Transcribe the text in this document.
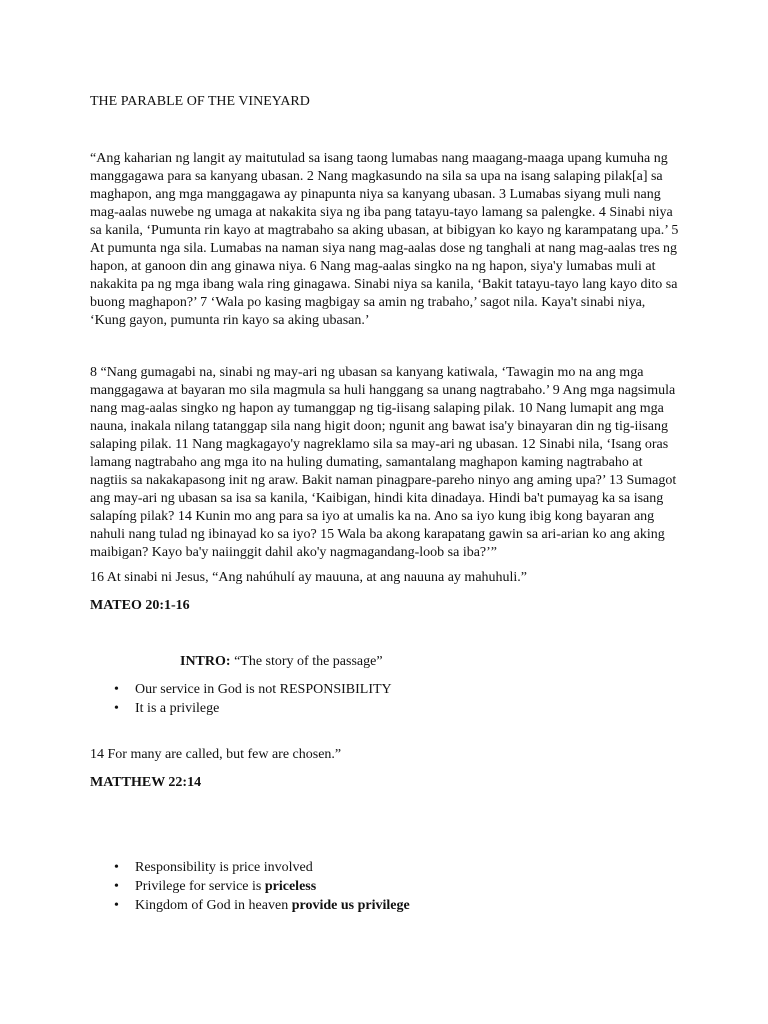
THE PARABLE OF THE VINEYARD

“Ang kaharian ng langit ay maitutulad sa isang taong lumabas nang maagang-maaga upang kumuha ng manggagawa para sa kanyang ubasan. 2 Nang magkasundo na sila sa upa na isang salaping pilak[a] sa maghapon, ang mga manggagawa ay pinapunta niya sa kanyang ubasan. 3 Lumabas siyang muli nang mag-aalas nuwebe ng umaga at nakakita siya ng iba pang tatayu-tayo lamang sa palengke. 4 Sinabi niya sa kanila, ‘Pumunta rin kayo at magtrabaho sa aking ubasan, at bibigyan ko kayo ng karampatang upa.’ 5 At pumunta nga sila. Lumabas na naman siya nang mag-aalas dose ng tanghali at nang mag-aalas tres ng hapon, at ganoon din ang ginawa niya. 6 Nang mag-aalas singko na ng hapon, siya'y lumabas muli at nakakita pa ng mga ibang wala ring ginagawa. Sinabi niya sa kanila, ‘Bakit tatayu-tayo lang kayo dito sa buong maghapon?’ 7 ‘Wala po kasing magbigay sa amin ng trabaho,’ sagot nila. Kaya't sinabi niya, ‘Kung gayon, pumunta rin kayo sa aking ubasan.’

8 “Nang gumagabi na, sinabi ng may-ari ng ubasan sa kanyang katiwala, ‘Tawagin mo na ang mga manggagawa at bayaran mo sila magmula sa huli hanggang sa unang nagtrabaho.’ 9 Ang mga nagsimula nang mag-aalas singko ng hapon ay tumanggap ng tig-iisang salaping pilak. 10 Nang lumapit ang mga nauna, inakala nilang tatanggap sila nang higit doon; ngunit ang bawat isa'y binayaran din ng tig-iisang salaping pilak. 11 Nang magkagayo'y nagreklamo sila sa may-ari ng ubasan. 12 Sinabi nila, ‘Isang oras lamang nagtrabaho ang mga ito na huling dumating, samantalang maghapon kaming nagtrabaho at nagtiis sa nakakapasong init ng araw. Bakit naman pinagpare-pareho ninyo ang aming upa?’ 13 Sumagot ang may-ari ng ubasan sa isa sa kanila, ‘Kaibigan, hindi kita dinadaya. Hindi ba't pumayag ka sa isang salapíng pilak? 14 Kunin mo ang para sa iyo at umalis ka na. Ano sa iyo kung ibig kong bayaran ang nahuli nang tulad ng ibinayad ko sa iyo? 15 Wala ba akong karapatang gawin sa ari-arian ko ang aking maibigan? Kayo ba'y naiinggit dahil ako'y nagmagandang-loob sa iba?’”

16 At sinabi ni Jesus, “Ang nahúhulí ay mauuna, at ang nauuna ay mahuhuli.”

MATEO 20:1-16

INTRO: “The story of the passage”

• Our service in God is not RESPONSIBILITY
• It is a privilege

14 For many are called, but few are chosen.”

MATTHEW 22:14

• Responsibility is price involved
• Privilege for service is priceless
• Kingdom of God in heaven provide us privilege
